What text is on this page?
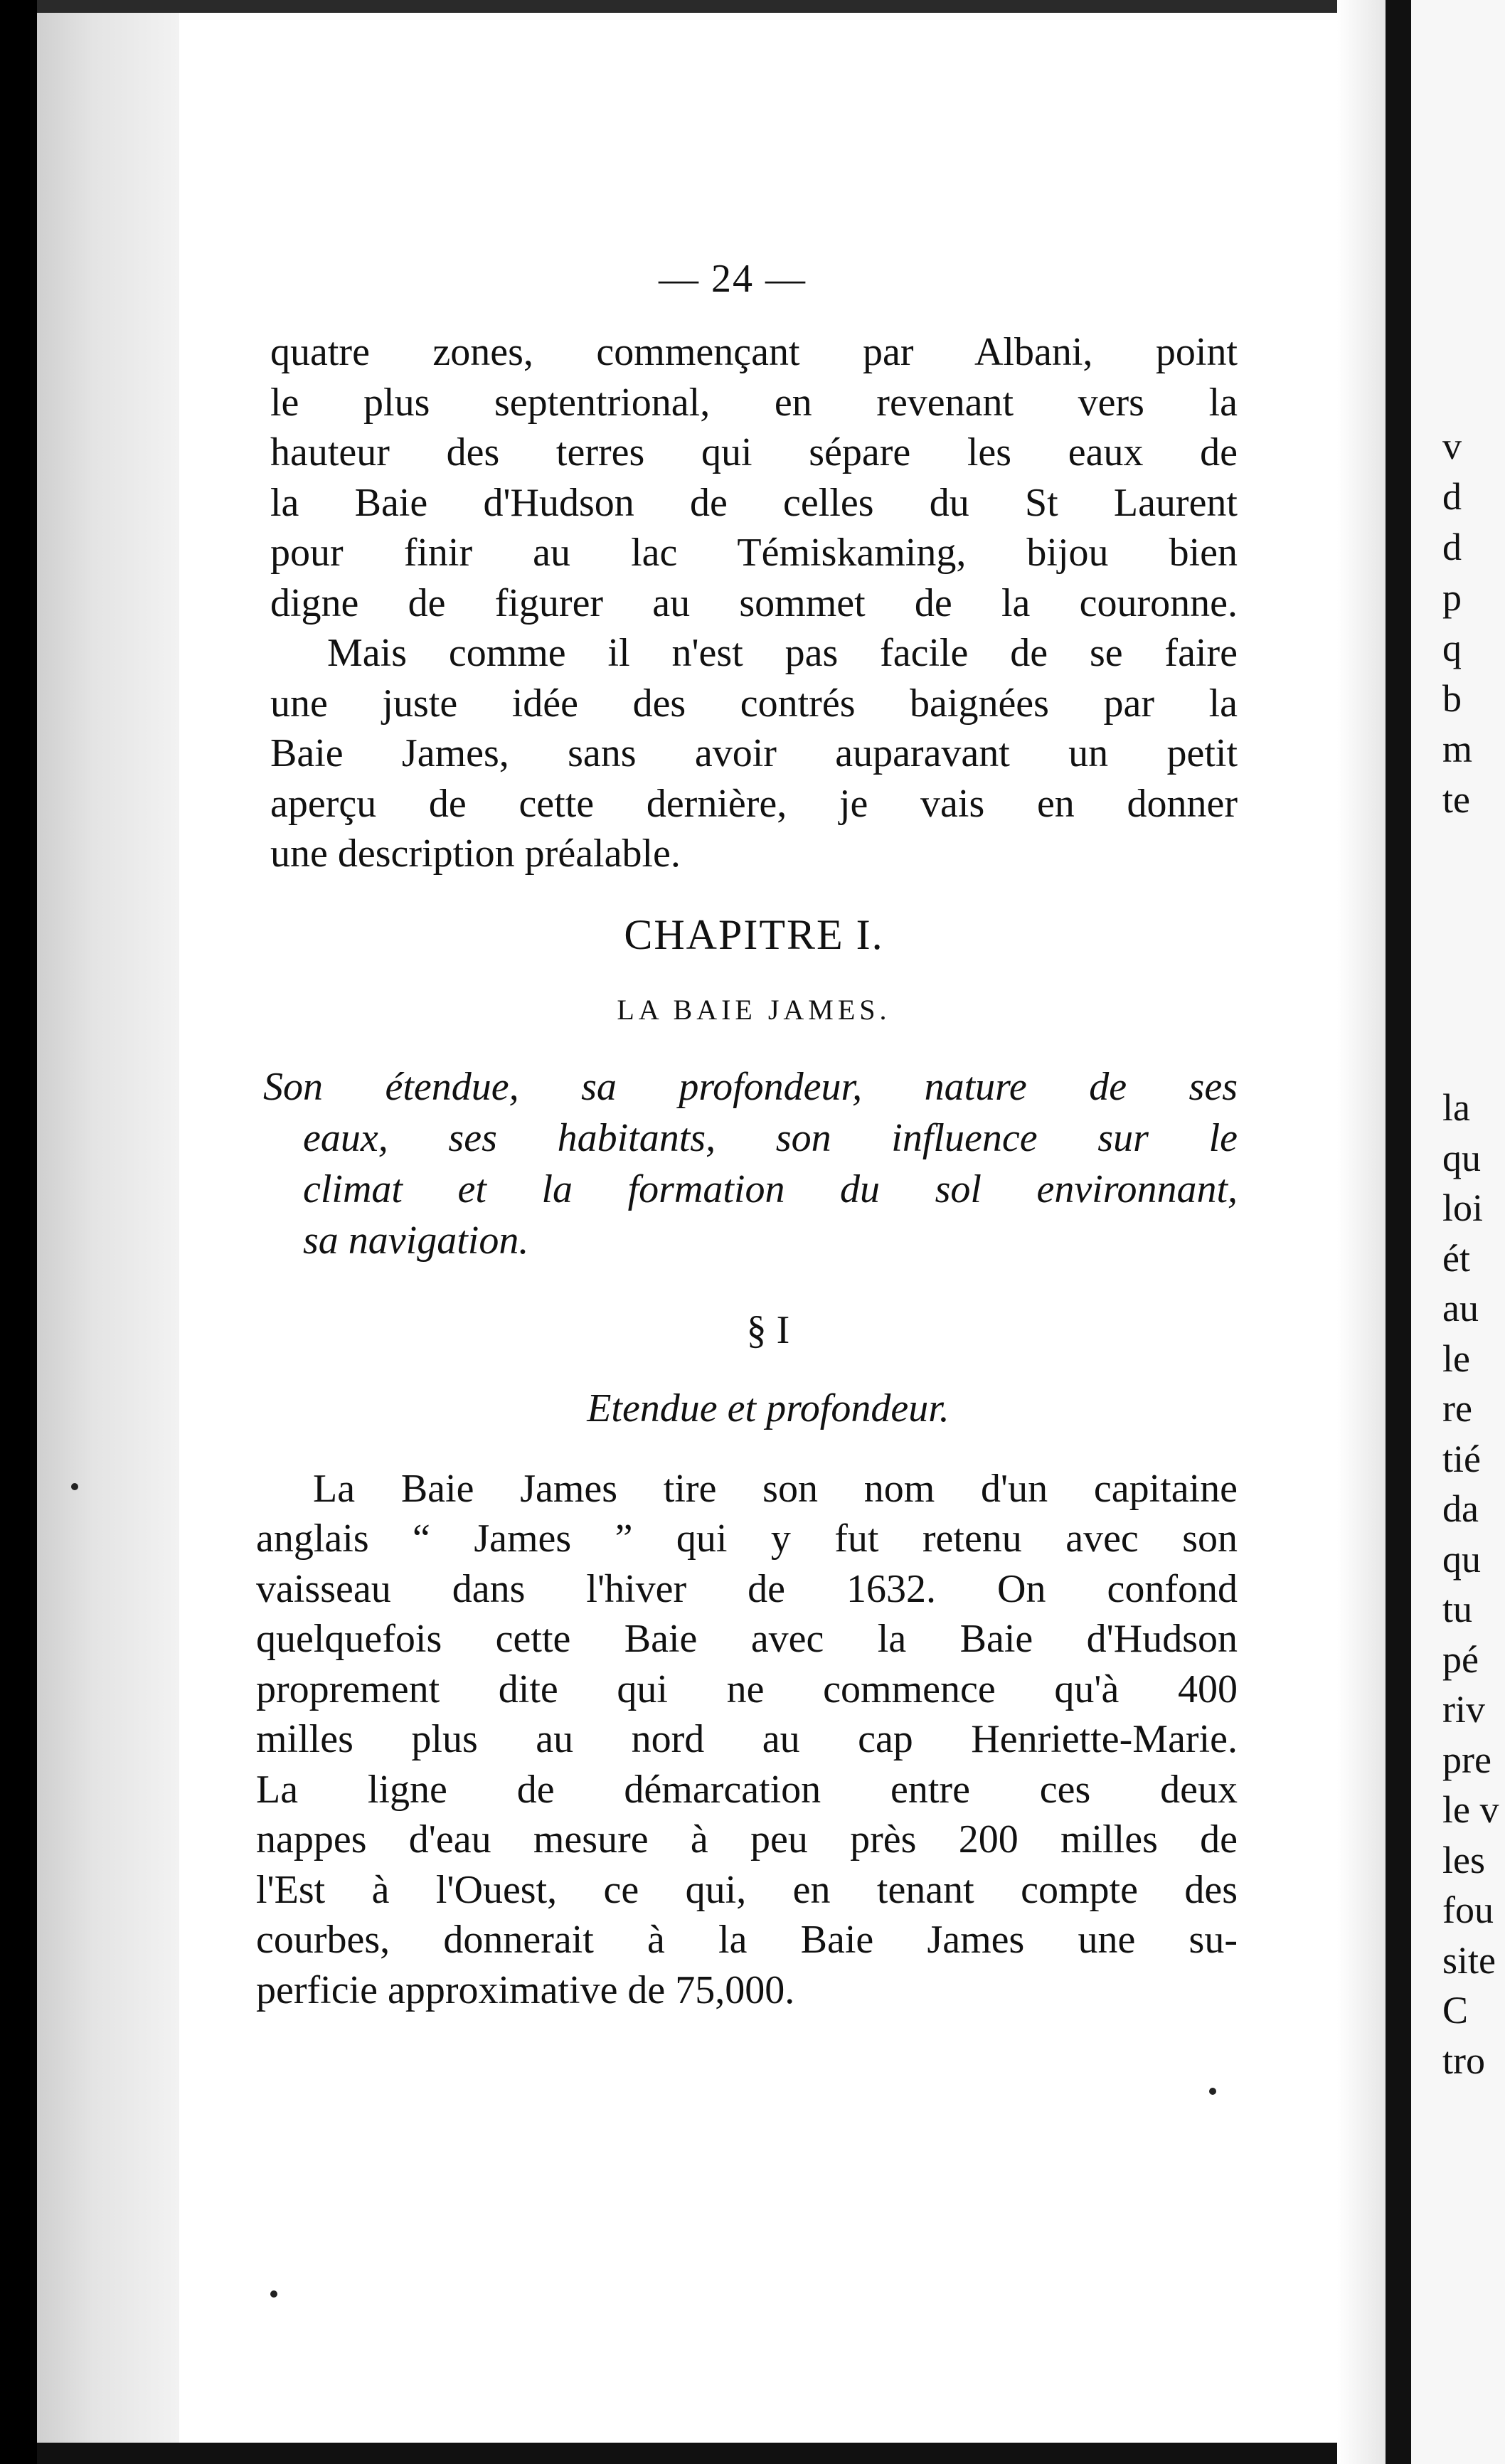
v
d
d
p
q
b
m
te
la
qu
loi
ét
au
le
re
tié
da
qu
tu
pé
riv
pre
le v
les
fou
site
C
tro
— 24 —
quatre zones, commençant par Albani, point
le plus septentrional, en revenant vers la
hauteur des terres qui sépare les eaux de
la Baie d'Hudson de celles du St Laurent
pour finir au lac Témiskaming, bijou bien
digne de figurer au sommet de la couronne.
Mais comme il n'est pas facile de se faire
une juste idée des contrés baignées par la
Baie James, sans avoir auparavant un petit
aperçu de cette dernière, je vais en donner
une description préalable.
CHAPITRE I.
LA BAIE JAMES.
Son étendue, sa profondeur, nature de ses
eaux, ses habitants, son influence sur le
climat et la formation du sol environnant,
sa navigation.
§ I
Etendue et profondeur.
La Baie James tire son nom d'un capitaine
anglais “ James ” qui y fut retenu avec son
vaisseau dans l'hiver de 1632. On confond
quelquefois cette Baie avec la Baie d'Hudson
proprement dite qui ne commence qu'à 400
milles plus au nord au cap Henriette-Marie.
La ligne de démarcation entre ces deux
nappes d'eau mesure à peu près 200 milles de
l'Est à l'Ouest, ce qui, en tenant compte des
courbes, donnerait à la Baie James une su-
perficie approximative de 75,000.
